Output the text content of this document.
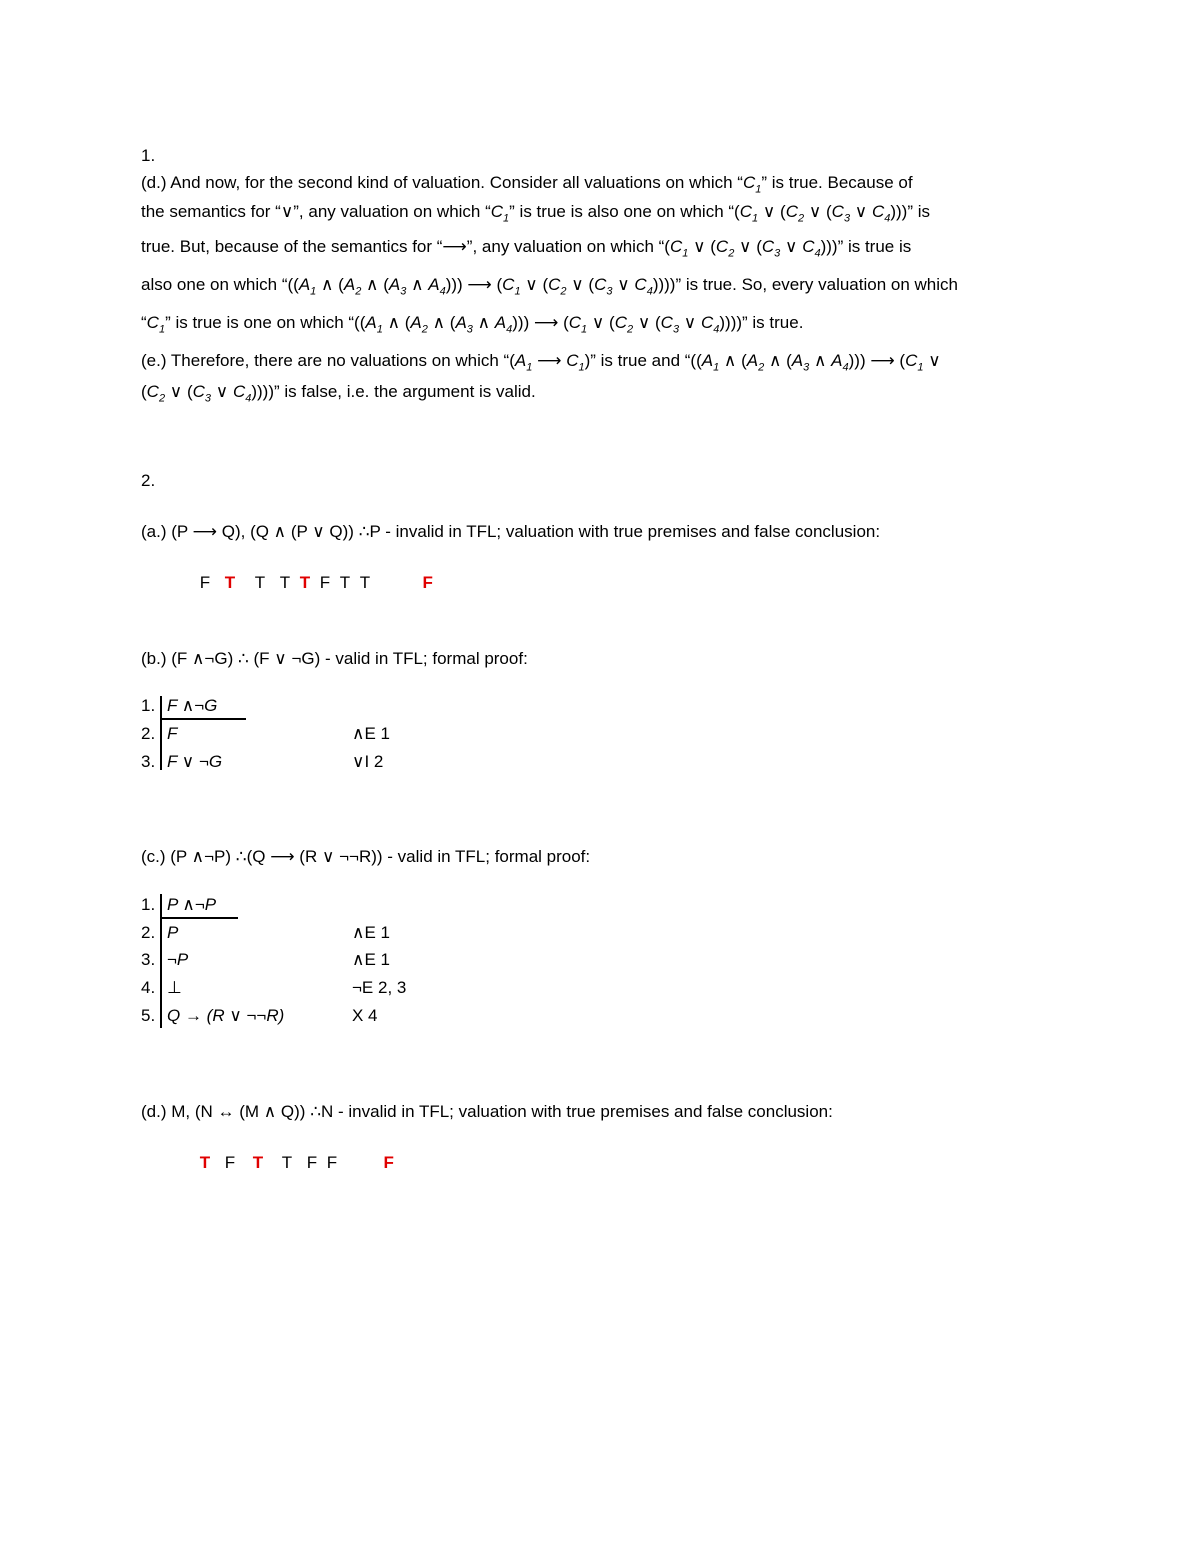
1.
(d.) And now, for the second kind of valuation. Consider all valuations on which “$C_1$” is true. Because of
the semantics for “∨”, any valuation on which “$C_1$” is true is also one on which “($C_1$ ∨ ($C_2$ ∨ ($C_3$ ∨ $C_4$)))” is
true. But, because of the semantics for “⟶”, any valuation on which “($C_1$ ∨ ($C_2$ ∨ ($C_3$ ∨ $C_4$)))” is true is
also one on which “(($A_1$ ∧ ($A_2$ ∧ ($A_3$ ∧ $A_4$))) ⟶ ($C_1$ ∨ ($C_2$ ∨ ($C_3$ ∨ $C_4$))))” is true. So, every valuation on which
“$C_1$” is true is one on which “(($A_1$ ∧ ($A_2$ ∧ ($A_3$ ∧ $A_4$))) ⟶ ($C_1$ ∨ ($C_2$ ∨ ($C_3$ ∨ $C_4$))))” is true.
(e.) Therefore, there are no valuations on which “($A_1$ ⟶ $C_1$)” is true and “(($A_1$ ∧ ($A_2$ ∧ ($A_3$ ∧ $A_4$))) ⟶ ($C_1$ ∨
($C_2$ ∨ ($C_3$ ∨ $C_4$))))” is false, i.e. the argument is valid.
2.
(a.) (P ⟶ Q), (Q ∧ (P ∨ Q)) ∴P - invalid in TFL; valuation with true premises and false conclusion:

F T T T T F T T	F

(b.) (F ∧¬G) ∴ (F ∨ ¬G) - valid in TFL; formal proof:
1. F ∧¬G
2. F	∧E 1
3. F ∨ ¬G	∨I 2
(c.) (P ∧¬P) ∴(Q ⟶ (R ∨ ¬¬R)) - valid in TFL; formal proof:
1. P ∧¬P
2. P	∧E 1
3. ¬P	∧E 1
4. ⊥	¬E 2, 3
5. Q → (R ∨ ¬¬R)	X 4
(d.) M, (N ↔ (M ∧ Q)) ∴N - invalid in TFL; valuation with true premises and false conclusion:

T F T T F F	F
